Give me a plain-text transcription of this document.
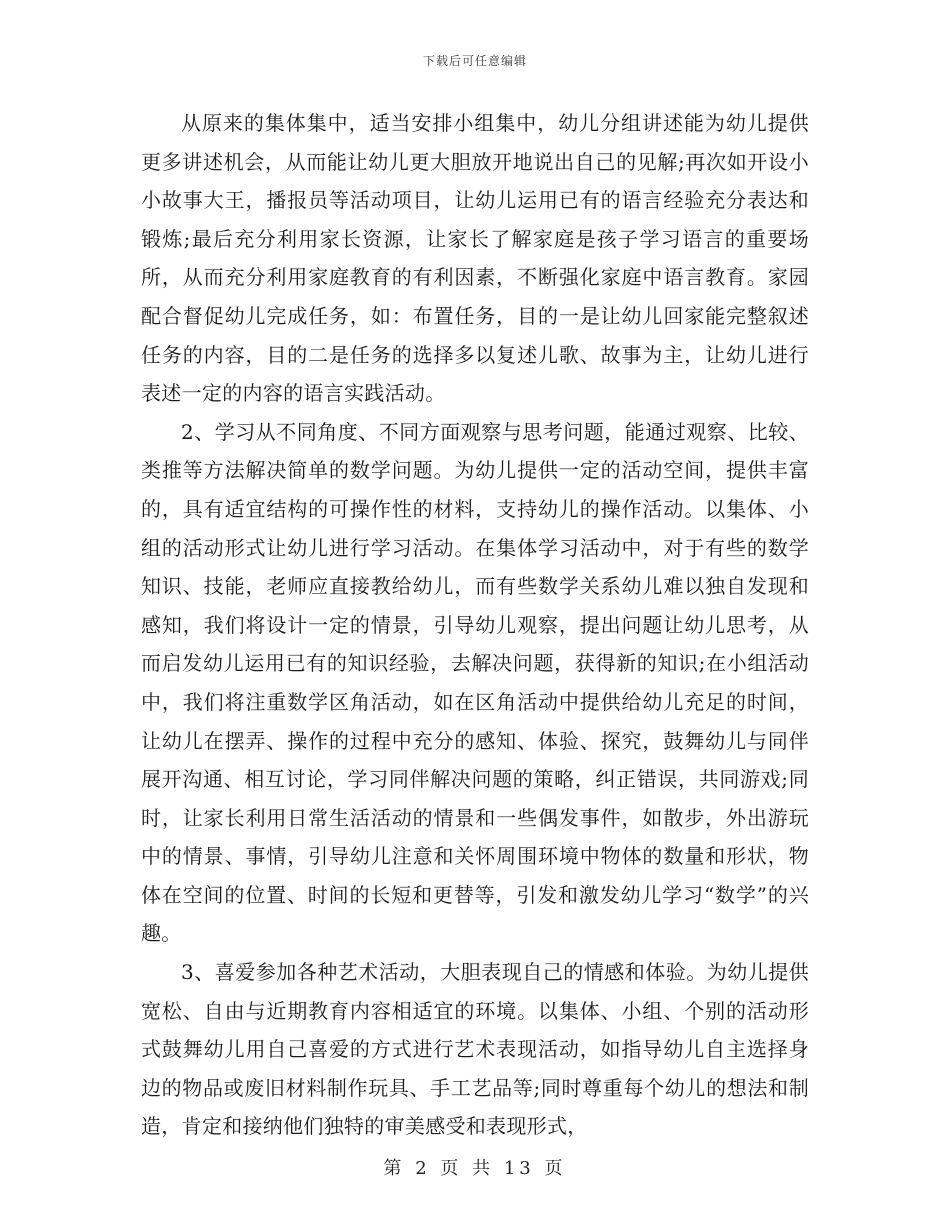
下载后可任意编辑

从原来的集体集中，适当安排小组集中，幼儿分组讲述能为幼儿提供更多讲述机会，从而能让幼儿更大胆放开地说出自己的见解;再次如开设小小故事大王，播报员等活动项目，让幼儿运用已有的语言经验充分表达和锻炼;最后充分利用家长资源，让家长了解家庭是孩子学习语言的重要场所，从而充分利用家庭教育的有利因素，不断强化家庭中语言教育。家园配合督促幼儿完成任务，如：布置任务，目的一是让幼儿回家能完整叙述任务的内容，目的二是任务的选择多以复述儿歌、故事为主，让幼儿进行表述一定的内容的语言实践活动。

2、学习从不同角度、不同方面观察与思考问题，能通过观察、比较、类推等方法解决简单的数学问题。为幼儿提供一定的活动空间，提供丰富的，具有适宜结构的可操作性的材料，支持幼儿的操作活动。以集体、小组的活动形式让幼儿进行学习活动。在集体学习活动中，对于有些的数学知识、技能，老师应直接教给幼儿，而有些数学关系幼儿难以独自发现和感知，我们将设计一定的情景，引导幼儿观察，提出问题让幼儿思考，从而启发幼儿运用已有的知识经验，去解决问题，获得新的知识;在小组活动中，我们将注重数学区角活动，如在区角活动中提供给幼儿充足的时间，让幼儿在摆弄、操作的过程中充分的感知、体验、探究，鼓舞幼儿与同伴展开沟通、相互讨论，学习同伴解决问题的策略，纠正错误，共同游戏;同时，让家长利用日常生活活动的情景和一些偶发事件，如散步，外出游玩中的情景、事情，引导幼儿注意和关怀周围环境中物体的数量和形状，物体在空间的位置、时间的长短和更替等，引发和激发幼儿学习“数学”的兴趣。

3、喜爱参加各种艺术活动，大胆表现自己的情感和体验。为幼儿提供宽松、自由与近期教育内容相适宜的环境。以集体、小组、个别的活动形式鼓舞幼儿用自己喜爱的方式进行艺术表现活动，如指导幼儿自主选择身边的物品或废旧材料制作玩具、手工艺品等;同时尊重每个幼儿的想法和制造，肯定和接纳他们独特的审美感受和表现形式，

第 2 页 共 13 页
